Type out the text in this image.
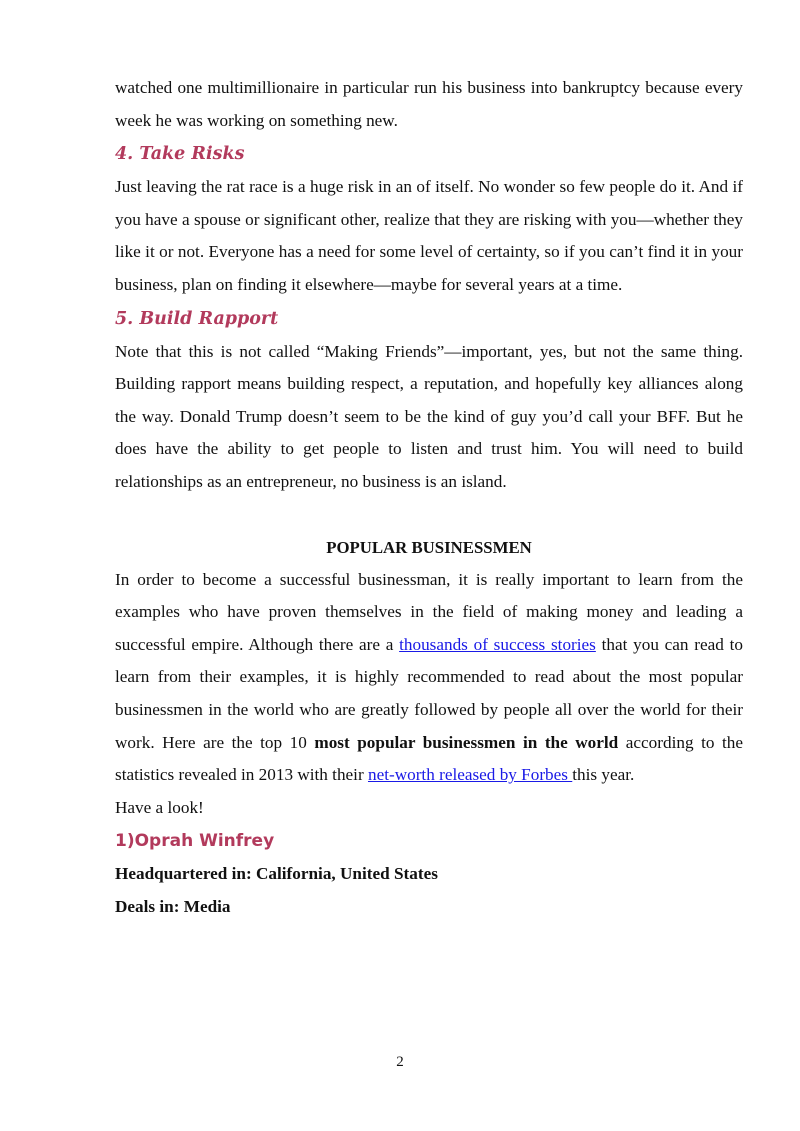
watched one multimillionaire in particular run his business into bankruptcy because every week he was working on something new.

4. Take Risks

Just leaving the rat race is a huge risk in an of itself. No wonder so few people do it. And if you have a spouse or significant other, realize that they are risking with you—whether they like it or not. Everyone has a need for some level of certainty, so if you can’t find it in your business, plan on finding it elsewhere—maybe for several years at a time.

5. Build Rapport

Note that this is not called “Making Friends”—important, yes, but not the same thing. Building rapport means building respect, a reputation, and hopefully key alliances along the way. Donald Trump doesn’t seem to be the kind of guy you’d call your BFF. But he does have the ability to get people to listen and trust him. You will need to build relationships as an entrepreneur, no business is an island.

POPULAR BUSINESSMEN

In order to become a successful businessman, it is really important to learn from the examples who have proven themselves in the field of making money and leading a successful empire. Although there are a thousands of success stories that you can read to learn from their examples, it is highly recommended to read about the most popular businessmen in the world who are greatly followed by people all over the world for their work. Here are the top 10 most popular businessmen in the world according to the statistics revealed in 2013 with their net-worth released by Forbes this year.

Have a look!

1)Oprah Winfrey

Headquartered in: California, United States

Deals in: Media

2
